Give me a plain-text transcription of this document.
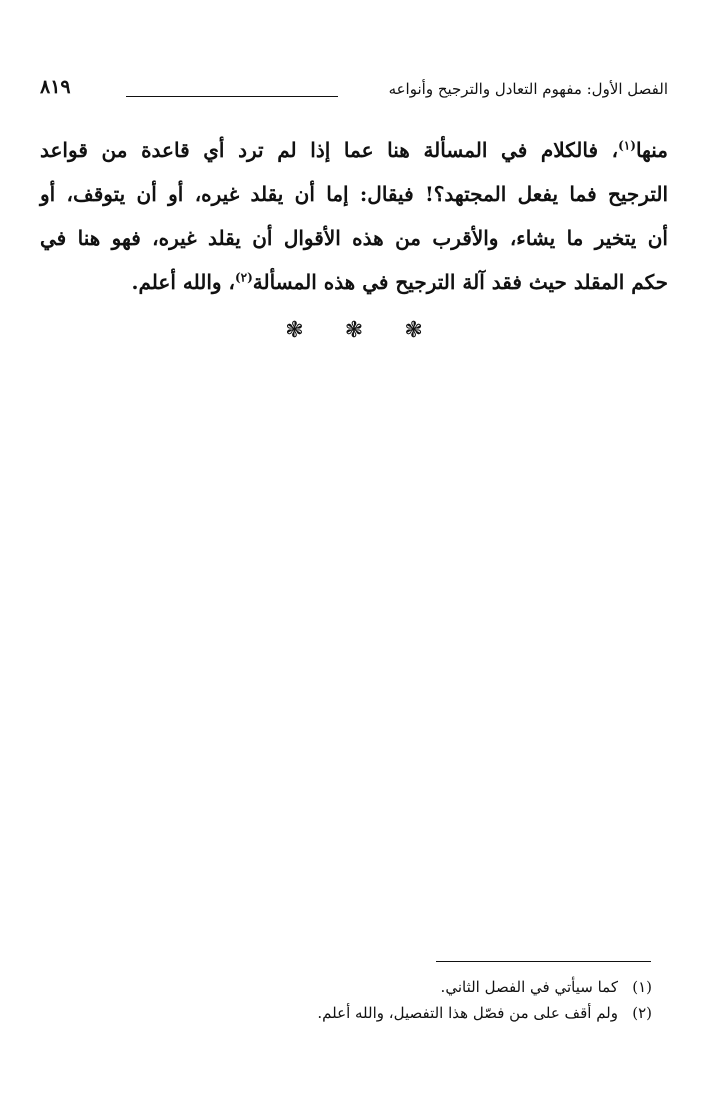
الفصل الأول: مفهوم التعادل والترجيح وأنواعه
٨١٩
منها$^{(١)}$، فالكلام في المسألة هنا عما إذا لم ترد أي قاعدة من قواعد
الترجيح فما يفعل المجتهد؟! فيقال: إما أن يقلد غيره، أو أن يتوقف، أو
أن يتخير ما يشاء، والأقرب من هذه الأقوال أن يقلد غيره، فهو هنا في
حكم المقلد حيث فقد آلة الترجيح في هذه المسألة$^{(٢)}$، والله أعلم.
❃ ❃ ❃
(١)كما سيأتي في الفصل الثاني.
(٢)ولم أقف على من فصّل هذا التفصيل، والله أعلم.
